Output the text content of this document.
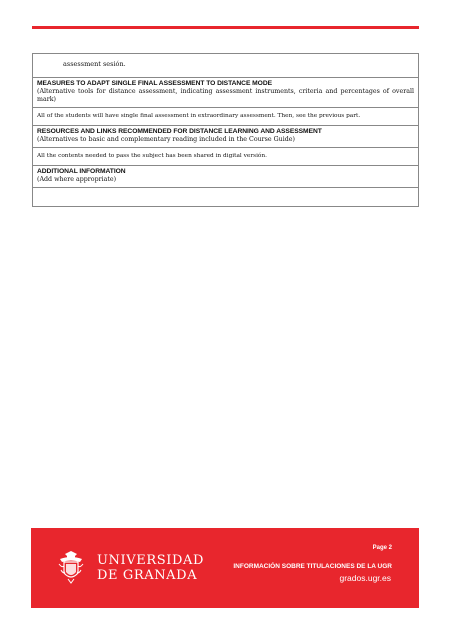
assessment sesión.
MEASURES TO ADAPT SINGLE FINAL ASSESSMENT TO DISTANCE MODE
(Alternative tools for distance assessment, indicating assessment instruments, criteria and percentages of overall mark)
All of the students will have single final assessment in extraordinary assessment. Then, see the previous part.
RESOURCES AND LINKS RECOMMENDED FOR DISTANCE LEARNING AND ASSESSMENT
(Alternatives to basic and complementary reading included in the Course Guide)
All the contents needed to pass the subject has been shared in digital versión.
ADDITIONAL INFORMATION
(Add where appropriate)
UNIVERSIDAD
DE GRANADA
Page 2
INFORMACIÓN SOBRE TITULACIONES DE LA UGR
grados.ugr.es
